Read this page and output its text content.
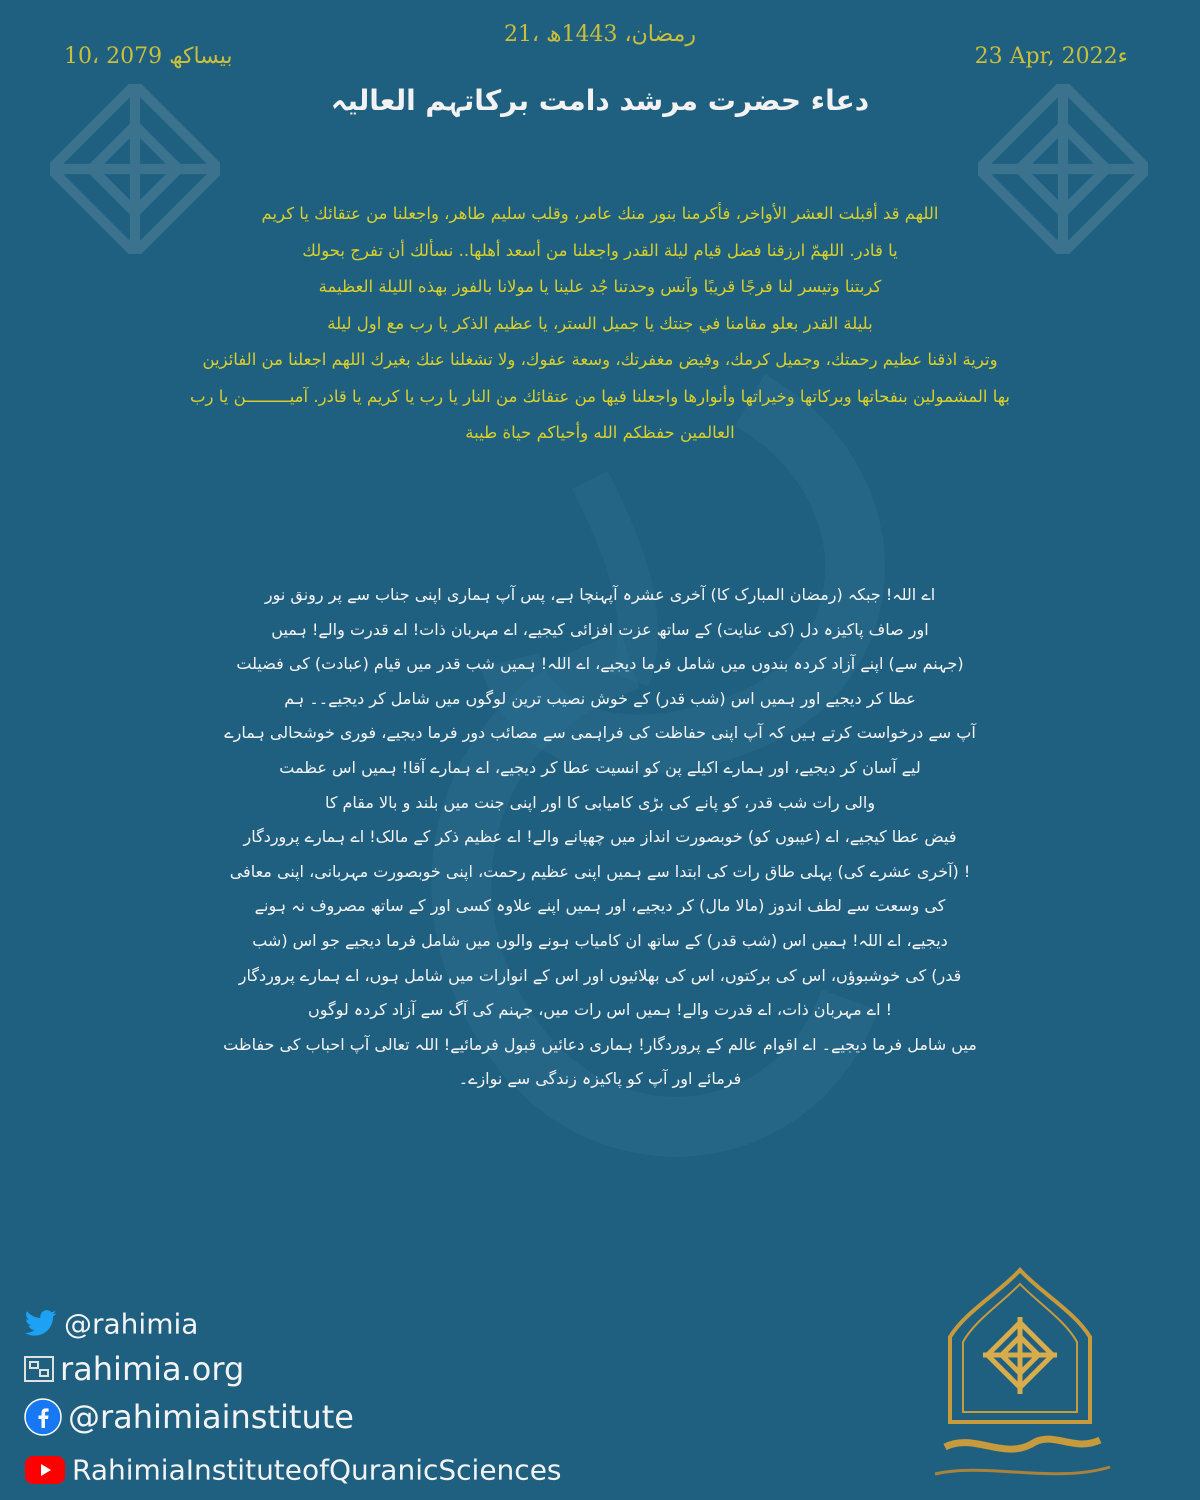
10، بیساکھ 2079
21، رمضان، 1443ھ
23 Apr, 2022ء
دعاء حضرت مرشد دامت برکاتہم العالیہ
اللھم قد أقبلت العشر الأواخر، فأكرمنا بنور منك عامر، وقلب سليم طاهر، واجعلنا من عتقائك يا كريم
يا قادر. اللهمّ ارزقنا فضل قيام ليلة القدر واجعلنا من أسعد أهلها.. نسألك أن تفرج بحولك
كربتنا وتيسر لنا فرجًا قريبًا وآنس وحدتنا جُد علينا يا مولانا بالفوز بهذه الليلة العظيمة
بليلة القدر بعلو مقامنا في جنتك يا جميل الستر، يا عظيم الذكر يا رب مع اول ليلة
وترية اذقنا عظيم رحمتك، وجميل كرمك، وفيض مغفرتك، وسعة عفوك، ولا تشغلنا عنك بغيرك اللهم اجعلنا من الفائزين
بها المشمولين بنفحاتها وبركاتها وخيراتها وأنوارها واجعلنا فيها من عتقائك من النار يا رب يا كريم يا قادر. آمیـــــــــن يا رب
العالمين حفظكم الله وأحياكم حياة طيبة
اے اللہ! جبکہ (رمضان المبارک کا) آخری عشرہ آپہنچا ہے، پس آپ ہماری اپنی جناب سے پر رونق نور
اور صاف پاکیزہ دل (کی عنایت) کے ساتھ عزت افزائی کیجیے، اے مہربان ذات! اے قدرت والے! ہمیں
(جہنم سے) اپنے آزاد کردہ بندوں میں شامل فرما دیجیے، اے اللہ! ہمیں شب قدر میں قیام (عبادت) کی فضیلت
عطا کر دیجیے اور ہمیں اس (شب قدر) کے خوش نصیب ترین لوگوں میں شامل کر دیجیے۔۔ ہم
آپ سے درخواست کرتے ہیں کہ آپ اپنی حفاظت کی فراہمی سے مصائب دور فرما دیجیے، فوری خوشحالی ہمارے
لیے آسان کر دیجیے، اور ہمارے اکیلے پن کو انسیت عطا کر دیجیے، اے ہمارے آقا! ہمیں اس عظمت
والی رات شب قدر، کو پانے کی بڑی کامیابی کا اور اپنی جنت میں بلند و بالا مقام کا
فیض عطا کیجیے، اے (عیبوں کو) خوبصورت انداز میں چھپانے والے! اے عظیم ذکر کے مالک! اے ہمارے پروردگار
! (آخری عشرے کی) پہلی طاق رات کی ابتدا سے ہمیں اپنی عظیم رحمت، اپنی خوبصورت مہربانی، اپنی معافی
کی وسعت سے لطف اندوز (مالا مال) کر دیجیے، اور ہمیں اپنے علاوہ کسی اور کے ساتھ مصروف نہ ہونے
دیجیے، اے اللہ! ہمیں اس (شب قدر) کے ساتھ ان کامیاب ہونے والوں میں شامل فرما دیجیے جو اس (شب
قدر) کی خوشبوؤں، اس کی برکتوں، اس کی بھلائیوں اور اس کے انوارات میں شامل ہوں، اے ہمارے پروردگار
! اے مہربان ذات، اے قدرت والے! ہمیں اس رات میں، جہنم کی آگ سے آزاد کردہ لوگوں
میں شامل فرما دیجیے۔ اے اقوام عالم کے پروردگار! ہماری دعائیں قبول فرمائیے! اللہ تعالی آپ احباب کی حفاظت
فرمائے اور آپ کو پاکیزہ زندگی سے نوازے۔
@rahimia
rahimia.org
@rahimiainstitute
RahimiaInstituteofQuranicSciences
